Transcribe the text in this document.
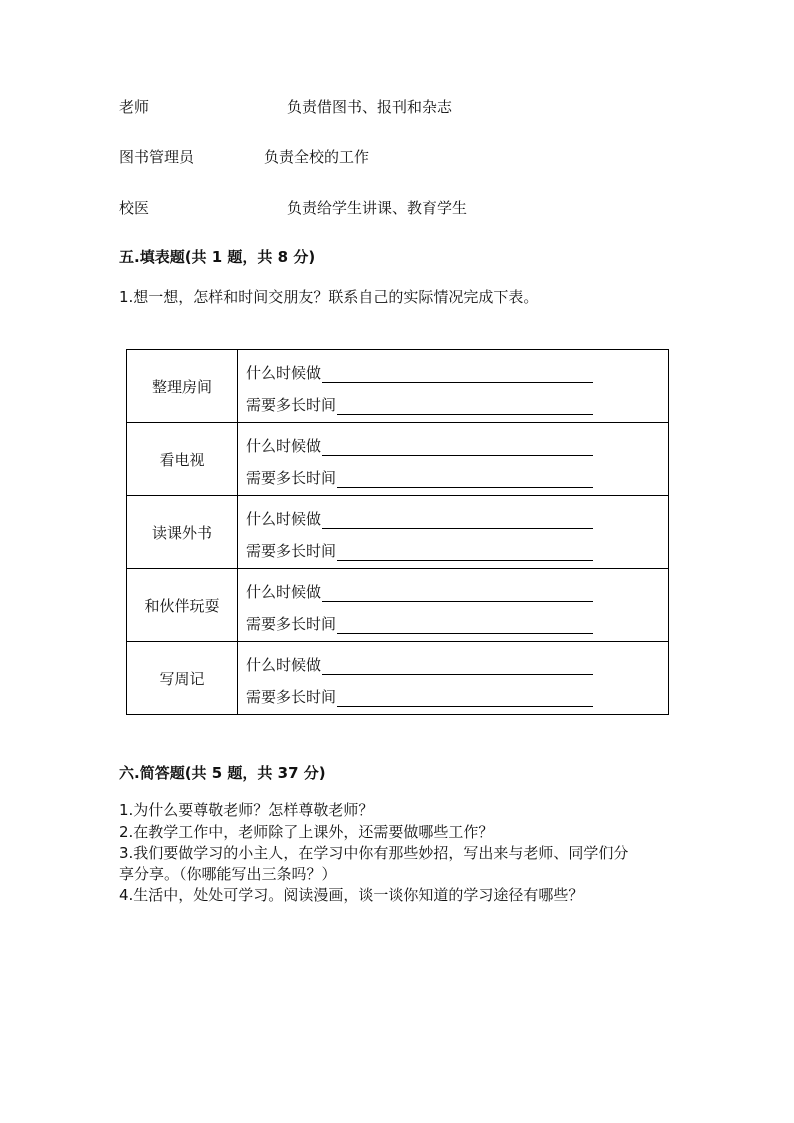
老师	负责借图书、报刊和杂志
图书管理员	负责全校的工作
校医	负责给学生讲课、教育学生
五.填表题(共 1 题，共 8 分)
1.想一想，怎样和时间交朋友？联系自己的实际情况完成下表。
整理房间	什么时候做
需要多长时间

看电视	什么时候做
需要多长时间

读课外书	什么时候做
需要多长时间

和伙伴玩耍	什么时候做
需要多长时间

写周记	什么时候做
需要多长时间
六.简答题(共 5 题，共 37 分)
1.为什么要尊敬老师？怎样尊敬老师？
2.在教学工作中，老师除了上课外，还需要做哪些工作？
3.我们要做学习的小主人，在学习中你有那些妙招，写出来与老师、同学们分
享分享。（你哪能写出三条吗？）
4.生活中，处处可学习。阅读漫画，谈一谈你知道的学习途径有哪些？
